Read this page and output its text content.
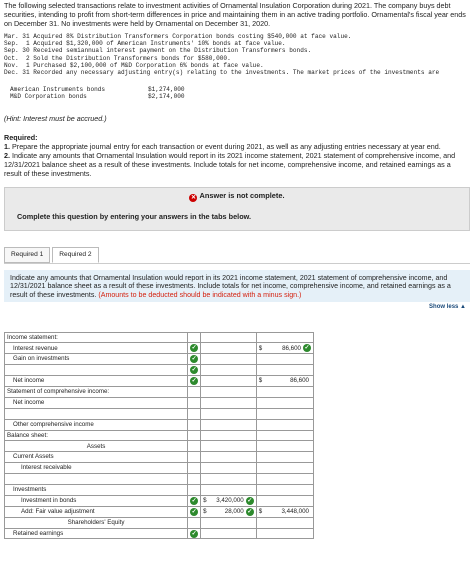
The following selected transactions relate to investment activities of Ornamental Insulation Corporation during 2021. The company buys debt securities, intending to profit from short-term differences in price and maintaining them in an active trading portfolio. Ornamental's fiscal year ends on December 31. No investments were held by Ornamental on December 31, 2020.
Mar. 31 Acquired 8% Distribution Transformers Corporation bonds costing $540,000 at face value.
Sep.  1 Acquired $1,320,000 of American Instruments' 10% bonds at face value.
Sep. 30 Received semiannual interest payment on the Distribution Transformers bonds.
Oct.  2 Sold the Distribution Transformers bonds for $580,000.
Nov.  1 Purchased $2,100,000 of M&D Corporation 6% bonds at face value.
Dec. 31 Recorded any necessary adjusting entry(s) relating to the investments. The market prices of the investments are
American Instruments bonds	$1,274,000
M&D Corporation bonds	$2,174,000
(Hint: Interest must be accrued.)
Required:
1. Prepare the appropriate journal entry for each transaction or event during 2021, as well as any adjusting entries necessary at year end.
2. Indicate any amounts that Ornamental Insulation would report in its 2021 income statement, 2021 statement of comprehensive income, and 12/31/2021 balance sheet as a result of these investments. Include totals for net income, comprehensive income, and retained earnings as a result of these investments.
✕ Answer is not complete.
Complete this question by entering your answers in the tabs below.
Required 1	Required 2
Indicate any amounts that Ornamental Insulation would report in its 2021 income statement, 2021 statement of comprehensive income, and 12/31/2021 balance sheet as a result of these investments. Include totals for net income, comprehensive income, and retained earnings as a result of these investments. (Amounts to be deducted should be indicated with a minus sign.)
Show less ▲
Income statement:		

Interest revenue	✓		$ 86,600 ✓

Gain on investments	✓	

	✓	

Net income	✓		$ 86,600

Statement of comprehensive income:		

Net income		

Other comprehensive income		

Balance sheet:		

Assets		

Current Assets		

Interest receivable		

Investments		

Investment in bonds	✓	$ 3,420,000 ✓	

Add: Fair value adjustment	✓	$ 28,000 ✓	$ 3,448,000

Shareholders' Equity		

Retained earnings	✓	
